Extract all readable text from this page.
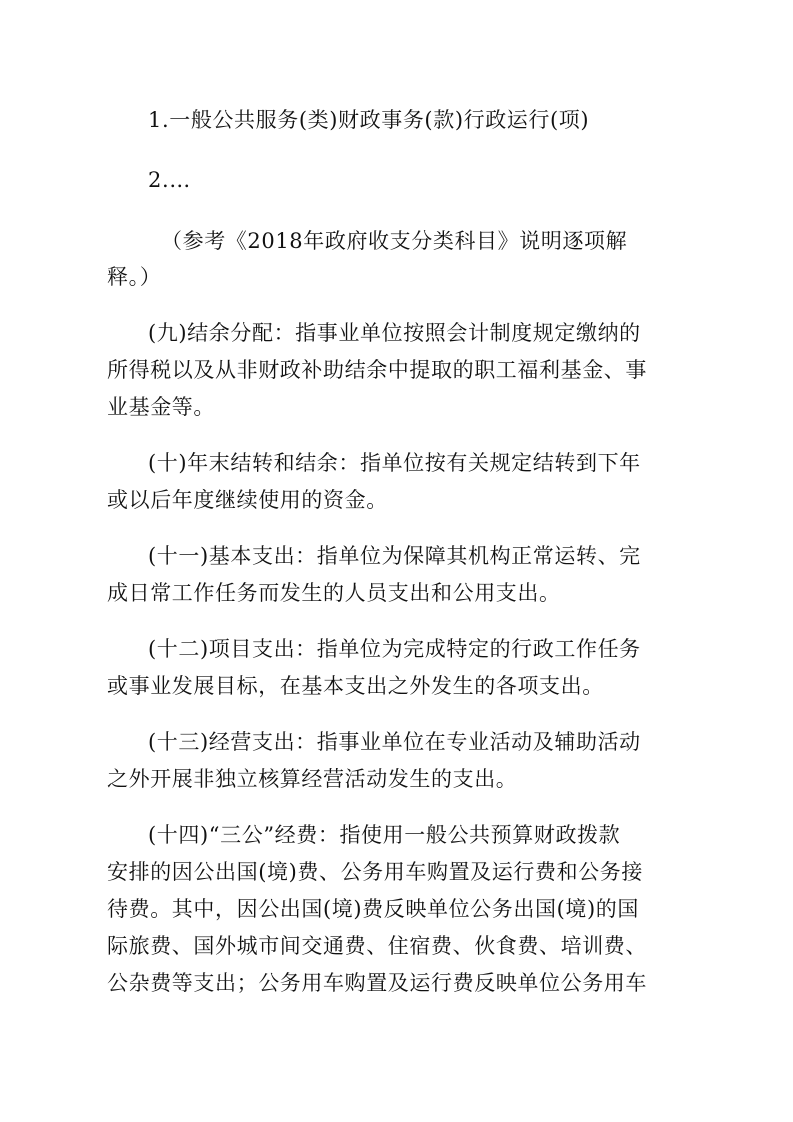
1.一般公共服务(类)财政事务(款)行政运行(项)
2.…
（参考《2018年政府收支分类科目》说明逐项解
释。）
(九)结余分配：指事业单位按照会计制度规定缴纳的
所得税以及从非财政补助结余中提取的职工福利基金、事
业基金等。
(十)年末结转和结余：指单位按有关规定结转到下年
或以后年度继续使用的资金。
(十一)基本支出：指单位为保障其机构正常运转、完
成日常工作任务而发生的人员支出和公用支出。
(十二)项目支出：指单位为完成特定的行政工作任务
或事业发展目标，在基本支出之外发生的各项支出。
(十三)经营支出：指事业单位在专业活动及辅助活动
之外开展非独立核算经营活动发生的支出。
(十四)“三公”经费：指使用一般公共预算财政拨款
安排的因公出国(境)费、公务用车购置及运行费和公务接
待费。其中，因公出国(境)费反映单位公务出国(境)的国
际旅费、国外城市间交通费、住宿费、伙食费、培训费、
公杂费等支出；公务用车购置及运行费反映单位公务用车
